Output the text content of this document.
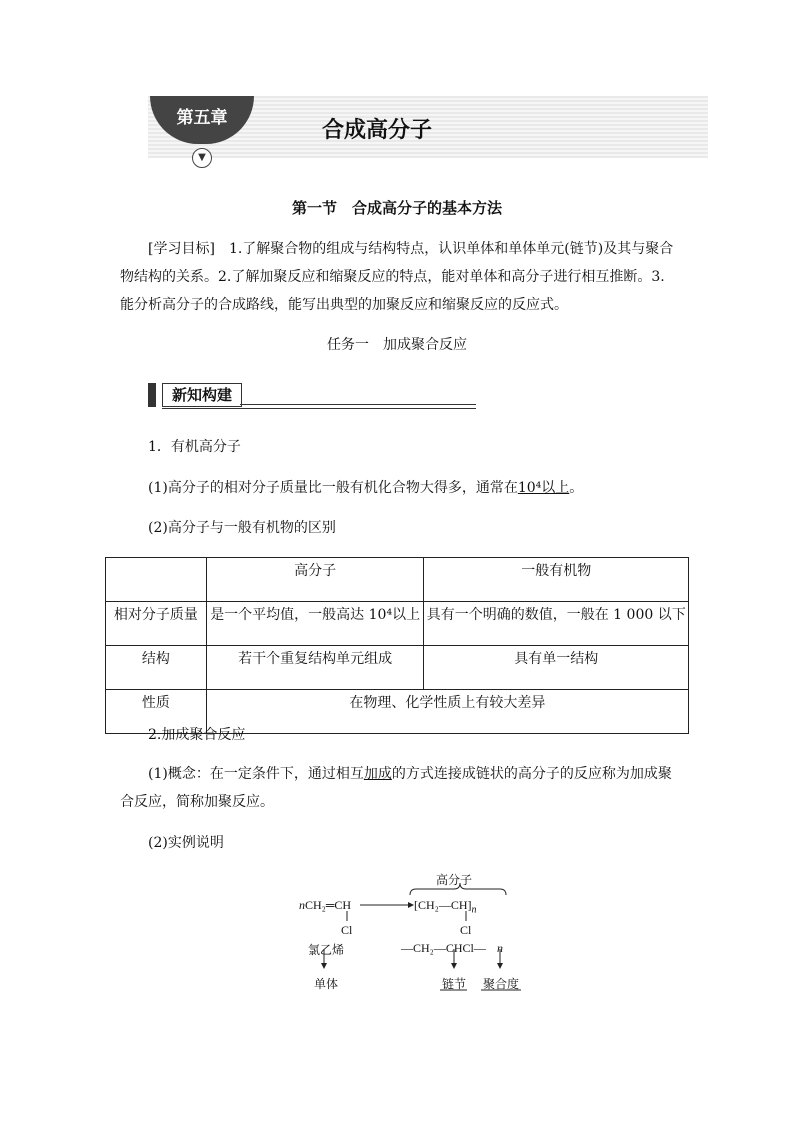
第五章
▼
合成高分子
第一节　合成高分子的基本方法
[学习目标]　 1.了解聚合物的组成与结构特点，认识单体和单体单元(链节)及其与聚合物结构的关系。2.了解加聚反应和缩聚反应的特点，能对单体和高分子进行相互推断。3.能分析高分子的合成路线，能写出典型的加聚反应和缩聚反应的反应式。
任务一　加成聚合反应
新知构建
1．有机高分子
(1)高分子的相对分子质量比一般有机化合物大得多，通常在10⁴以上。
(2)高分子与一般有机物的区别
	高分子	一般有机物
相对分子质量	是一个平均值，一般高达 10⁴以上	具有一个明确的数值，一般在 1 000 以下
结构	若干个重复结构单元组成	具有单一结构
性质	在物理、化学性质上有较大差异	
2.加成聚合反应
(1)概念：在一定条件下，通过相互加成的方式连接成链状的高分子的反应称为加成聚合反应，简称加聚反应。
(2)实例说明
nCH₂═CH
Cl
高分子
$[CH_2—CH]_n$
Cl
氯乙烯	—CH₂—CHCl— n
单体	链节 聚合度
